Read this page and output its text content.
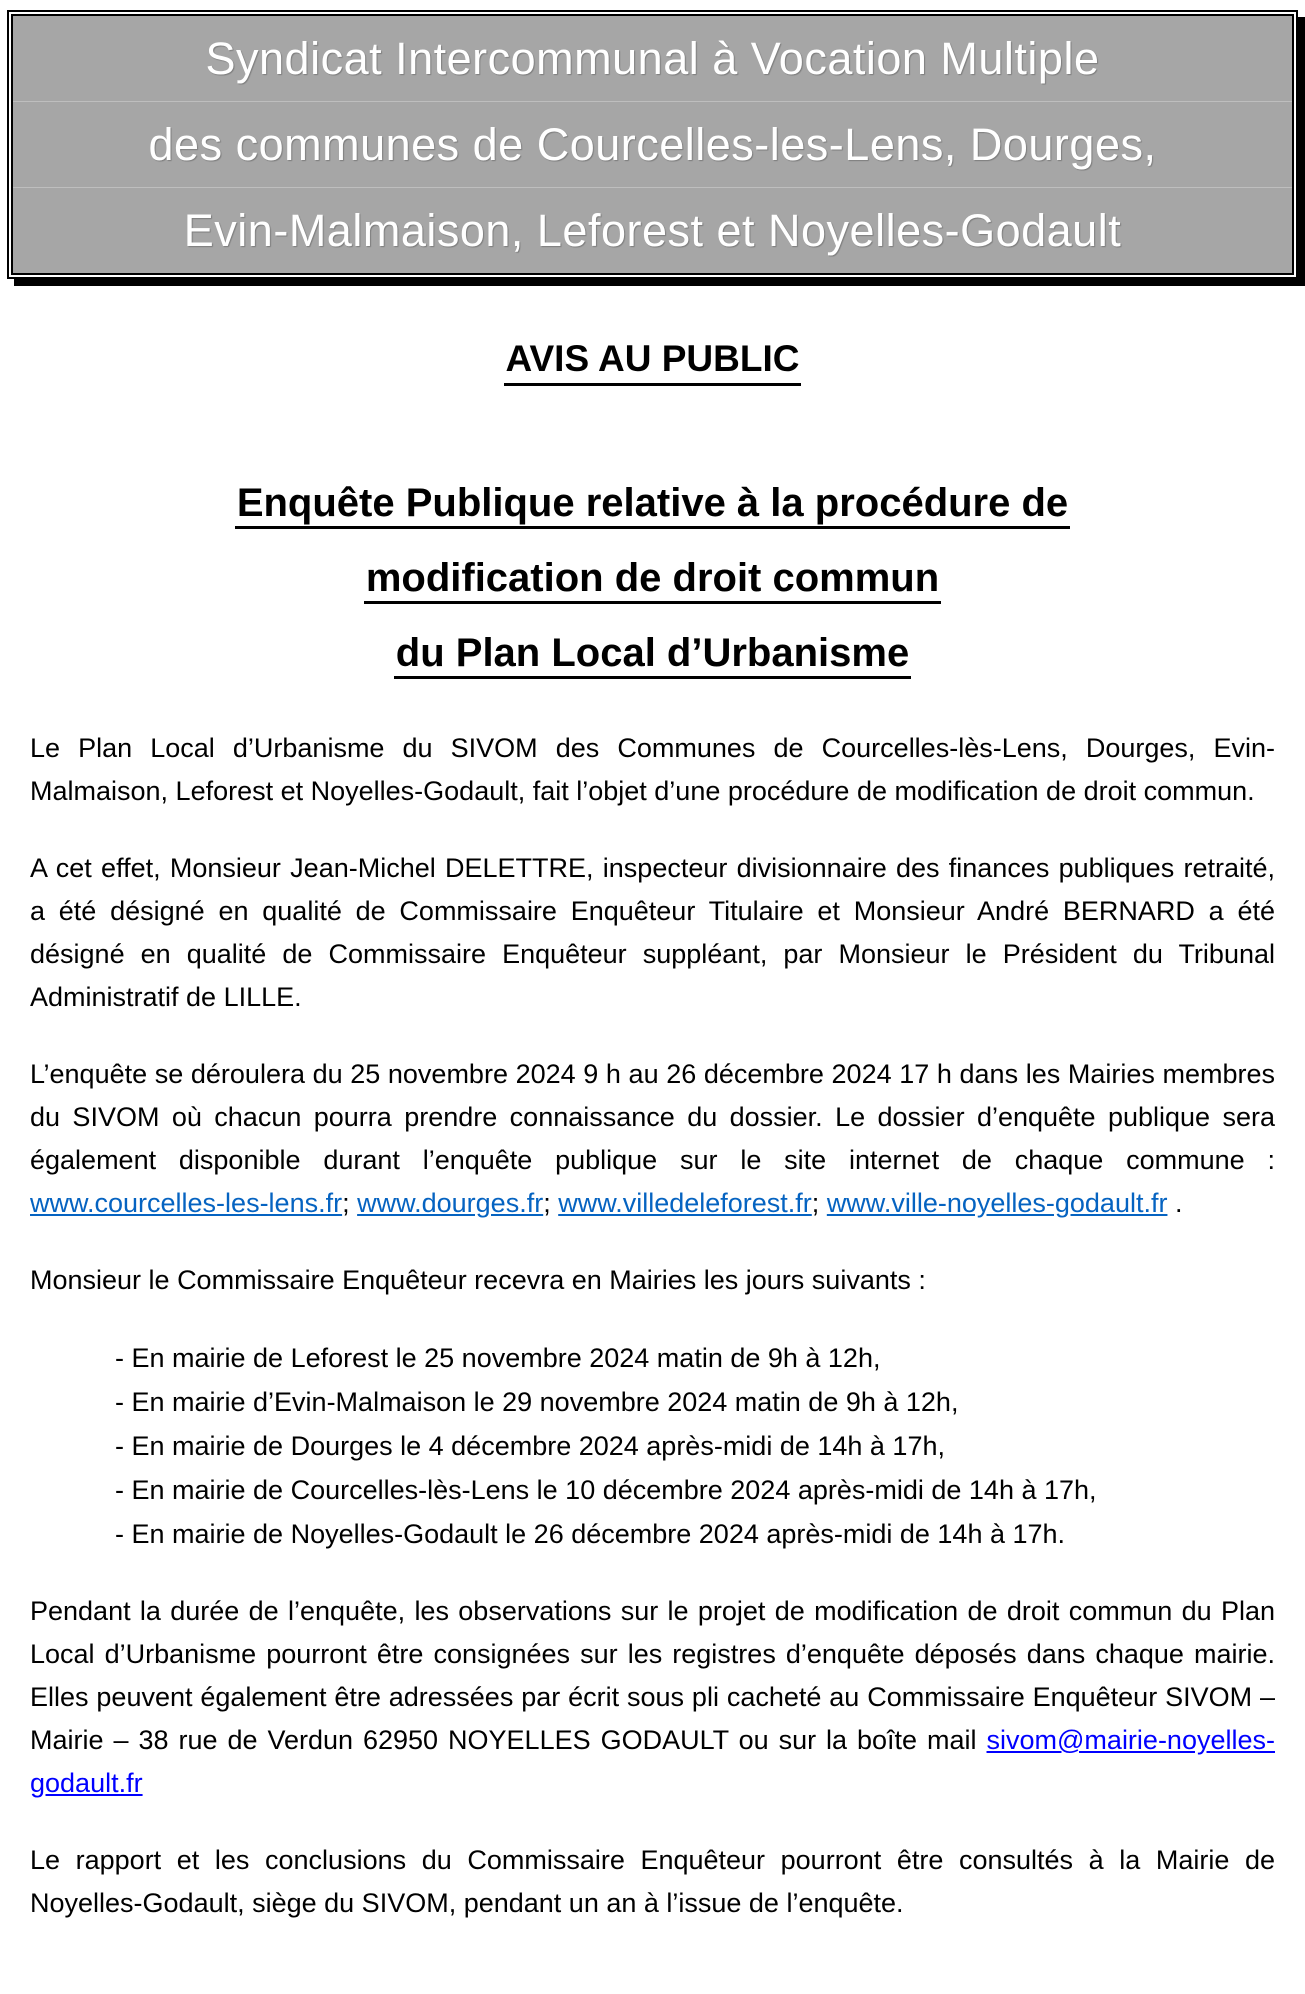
Syndicat Intercommunal à Vocation Multiple
des communes de Courcelles-les-Lens, Dourges,
Evin-Malmaison, Leforest et Noyelles-Godault
AVIS AU PUBLIC
Enquête Publique relative à la procédure de
modification de droit commun
du Plan Local d’Urbanisme

Le Plan Local d’Urbanisme du SIVOM des Communes de Courcelles-lès-Lens, Dourges, Evin-Malmaison, Leforest et Noyelles-Godault, fait l’objet d’une procédure de modification de droit commun.

A cet effet, Monsieur Jean-Michel DELETTRE, inspecteur divisionnaire des finances publiques retraité, a été désigné en qualité de Commissaire Enquêteur Titulaire et Monsieur André BERNARD a été désigné en qualité de Commissaire Enquêteur suppléant, par Monsieur le Président du Tribunal Administratif de LILLE.

L’enquête se déroulera du 25 novembre 2024 9 h au 26 décembre 2024 17 h dans les Mairies membres du SIVOM où chacun pourra prendre connaissance du dossier. Le dossier d’enquête publique sera également disponible durant l’enquête publique sur le site internet de chaque commune : www.courcelles-les-lens.fr; www.dourges.fr; www.villedeleforest.fr; www.ville-noyelles-godault.fr .

Monsieur le Commissaire Enquêteur recevra en Mairies les jours suivants :

- En mairie de Leforest le 25 novembre 2024 matin de 9h à 12h,
- En mairie d’Evin-Malmaison le 29 novembre 2024 matin de 9h à 12h,
- En mairie de Dourges le 4 décembre 2024 après-midi de 14h à 17h,
- En mairie de Courcelles-lès-Lens le 10 décembre 2024 après-midi de 14h à 17h,
- En mairie de Noyelles-Godault le 26 décembre 2024 après-midi de 14h à 17h.

Pendant la durée de l’enquête, les observations sur le projet de modification de droit commun du Plan Local d’Urbanisme pourront être consignées sur les registres d’enquête déposés dans chaque mairie. Elles peuvent également être adressées par écrit sous pli cacheté au Commissaire Enquêteur SIVOM – Mairie – 38 rue de Verdun 62950 NOYELLES GODAULT ou sur la boîte mail sivom@mairie-noyelles-godault.fr

Le rapport et les conclusions du Commissaire Enquêteur pourront être consultés à la Mairie de Noyelles-Godault, siège du SIVOM, pendant un an à l’issue de l’enquête.
